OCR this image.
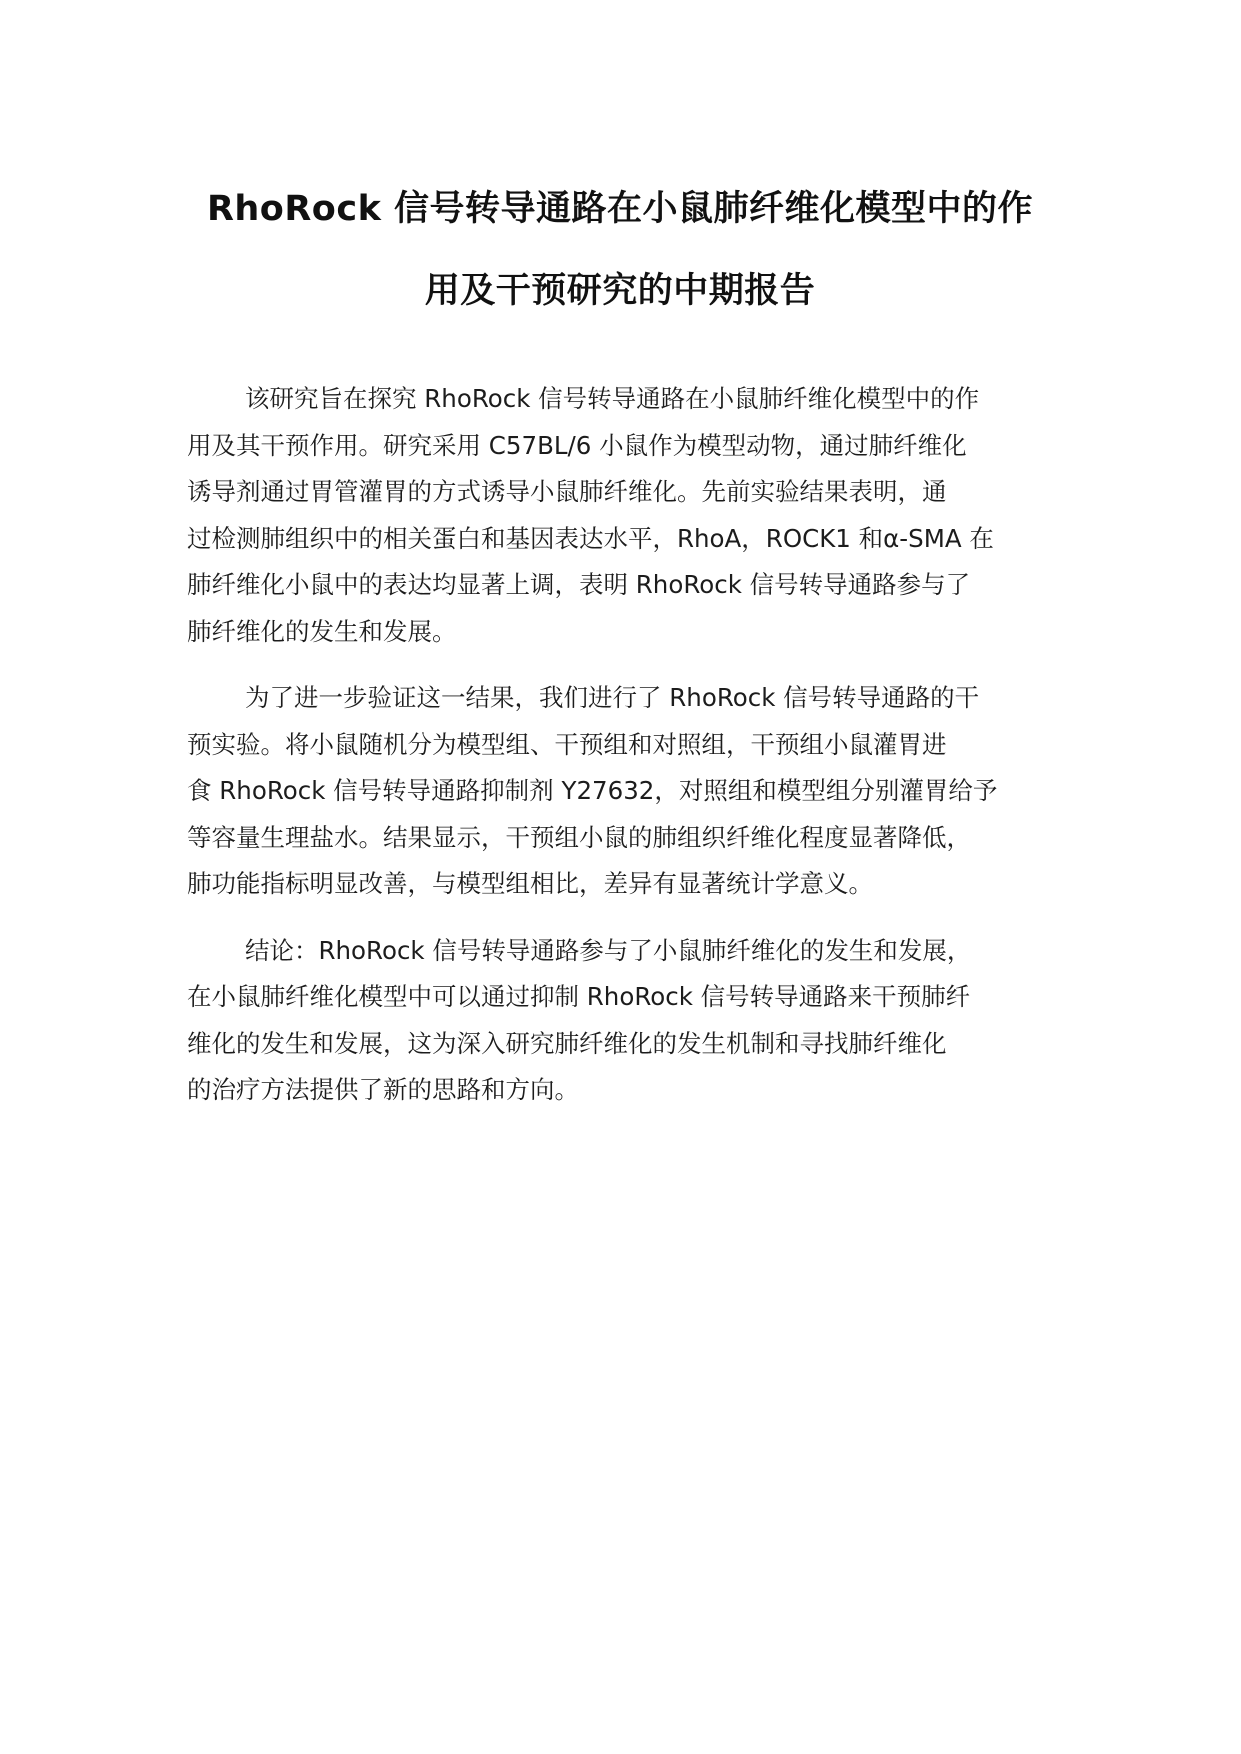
RhoRock 信号转导通路在小鼠肺纤维化模型中的作
用及干预研究的中期报告
该研究旨在探究 RhoRock 信号转导通路在小鼠肺纤维化模型中的作
用及其干预作用。研究采用 C57BL/6 小鼠作为模型动物，通过肺纤维化
诱导剂通过胃管灌胃的方式诱导小鼠肺纤维化。先前实验结果表明，通
过检测肺组织中的相关蛋白和基因表达水平，RhoA，ROCK1 和α-SMA 在
肺纤维化小鼠中的表达均显著上调，表明 RhoRock 信号转导通路参与了
肺纤维化的发生和发展。
为了进一步验证这一结果，我们进行了 RhoRock 信号转导通路的干
预实验。将小鼠随机分为模型组、干预组和对照组，干预组小鼠灌胃进
食 RhoRock 信号转导通路抑制剂 Y27632，对照组和模型组分别灌胃给予
等容量生理盐水。结果显示，干预组小鼠的肺组织纤维化程度显著降低，
肺功能指标明显改善，与模型组相比，差异有显著统计学意义。
结论：RhoRock 信号转导通路参与了小鼠肺纤维化的发生和发展，
在小鼠肺纤维化模型中可以通过抑制 RhoRock 信号转导通路来干预肺纤
维化的发生和发展，这为深入研究肺纤维化的发生机制和寻找肺纤维化
的治疗方法提供了新的思路和方向。
